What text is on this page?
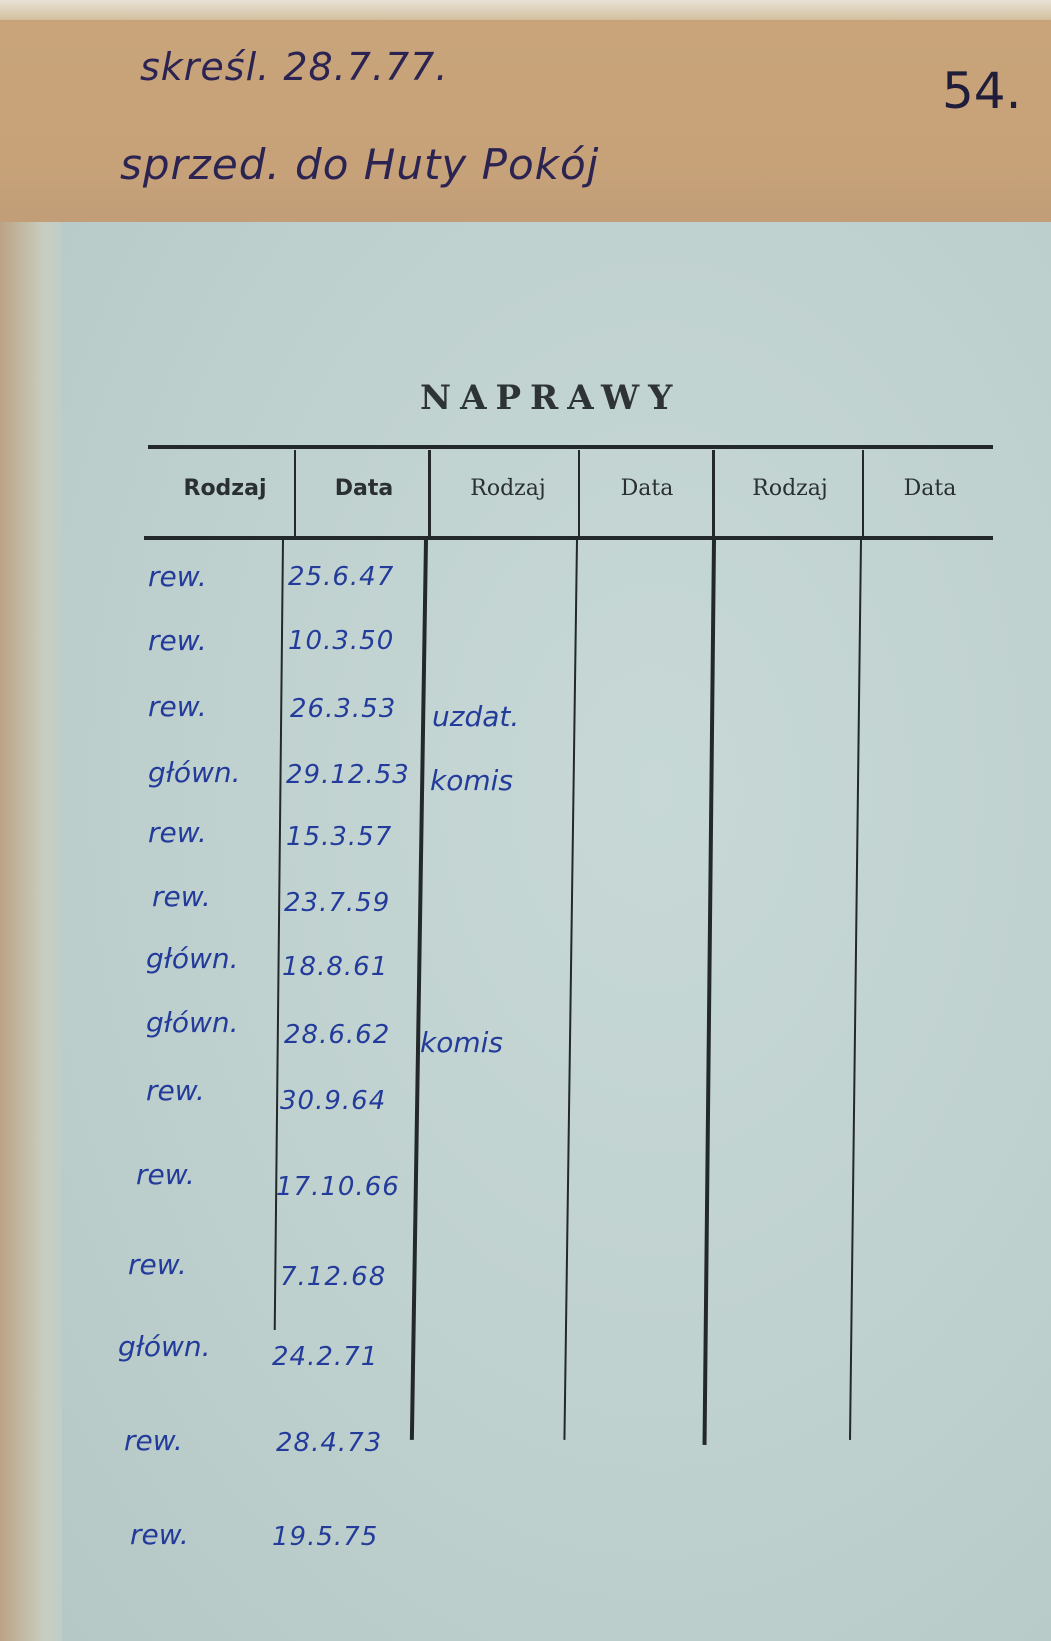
skreśl. 28.7.77.
sprzed. do Huty Pokój
54.
NAPRAWY
Rodzaj	Data	Rodzaj	Data	Rodzaj	Data
rew.	25.6.47
rew.	10.3.50
rew.	26.3.53 uzdat.
główn. 29.12.53 komis
rew.	15.3.57
rew.	23.7.59
główn. 18.8.61
główn. 28.6.62 komis
rew.	30.9.64
rew.	17.10.66
rew.	7.12.68
główn. 24.2.71
rew.	28.4.73
rew.	19.5.75
